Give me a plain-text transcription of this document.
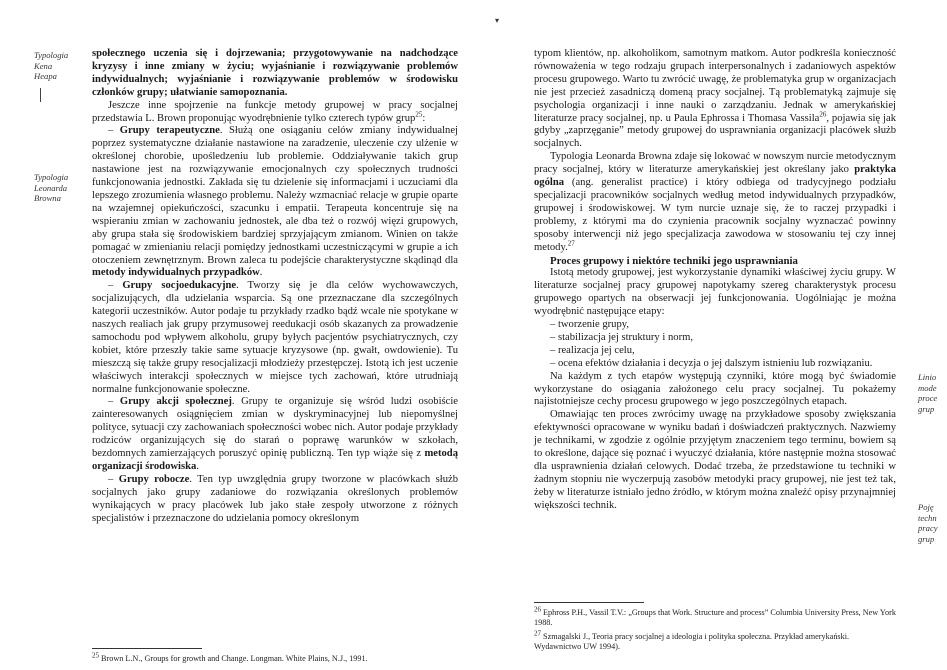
Typologia
Kena
Heapa
Typologia
Leonarda
Browna

społecznego uczenia się i dojrzewania; przygotowywanie na nadchodzące kryzysy i inne zmiany w życiu; wyjaśnianie i rozwiązywanie problemów indywidualnych; wyjaśnianie i rozwiązywanie problemów w środowisku członków grupy; ułatwianie samopoznania.

Jeszcze inne spojrzenie na funkcje metody grupowej w pracy socjalnej przedstawia L. Brown proponując wyodrębnienie tylko czterech typów grup$^{25}$:

– Grupy terapeutyczne. Służą one osiąganiu celów zmiany indywidualnej poprzez systematyczne działanie nastawione na zaradzenie, uleczenie czy ulżenie w określonej chorobie, upośledzeniu lub problemie. Oddziaływanie takich grup nastawione jest na rozwiązywanie emocjonalnych czy społecznych trudności funkcjonowania jednostki. Zakłada się tu dzielenie się informacjami i uczuciami dla lepszego zrozumienia własnego problemu. Należy wzmacniać relacje w grupie oparte na wzajemnej opiekuńczości, szacunku i empatii. Terapeuta koncentruje się na wspieraniu zmian w zachowaniu jednostek, ale dba też o rozwój więzi grupowych, aby grupa stała się środowiskiem bardziej sprzyjającym zmianom. Winien on także pomagać w zmienianiu relacji pomiędzy jednostkami uczestniczącymi w grupie a ich otoczeniem zewnętrznym. Brown zaleca tu podejście charakterystyczne skądinąd dla metody indywidualnych przypadków.

– Grupy socjoedukacyjne. Tworzy się je dla celów wychowawczych, socjalizujących, dla udzielania wsparcia. Są one przeznaczane dla szczególnych kategorii uczestników. Autor podaje tu przykłady rzadko bądź wcale nie spotykane w naszych realiach jak grupy przymusowej reedukacji osób skazanych za prowadzenie samochodu pod wpływem alkoholu, grupy byłych pacjentów psychiatrycznych, czy kobiet, które przeszły takie same sytuacje kryzysowe (np. gwałt, owdowienie). Tu mieszczą się także grupy resocjalizacji młodzieży przestępczej. Istotą ich jest uczenie właściwych interakcji społecznych w miejsce tych zachowań, które utrudniają normalne funkcjonowanie społeczne.

– Grupy akcji społecznej. Grupy te organizuje się wśród ludzi osobiście zainteresowanych osiągnięciem zmian w dyskryminacyjnej lub niepomyślnej polityce, sytuacji czy zachowaniach społeczności wobec nich. Autor podaje przykłady rodziców organizujących się do starań o poprawę warunków w szkołach, bezdomnych zamierzających poruszyć opinię publiczną. Ten typ wiąże się z metodą organizacji środowiska.

– Grupy robocze. Ten typ uwzględnia grupy tworzone w placówkach służb socjalnych jako grupy zadaniowe do rozwiązania określonych problemów wynikających w pracy placówek lub jako stałe zespoły utworzone z różnych specjalistów i przeznaczone do udzielania pomocy określonym

$^{25}$ Brown L.N., Groups for growth and Change. Longman. White Plains, N.J., 1991.
▾

typom klientów, np. alkoholikom, samotnym matkom. Autor podkreśla konieczność równoważenia w tego rodzaju grupach interpersonalnych i zadaniowych aspektów procesu grupowego. Warto tu zwrócić uwagę, że problematyka grup w organizacjach nie jest przecież zasadniczą domeną pracy socjalnej. Tą problematyką zajmuje się psychologia organizacji i inne nauki o zarządzaniu. Jednak w amerykańskiej literaturze pracy socjalnej, np. u Paula Ephrossa i Thomasa Vassila$^{26}$, pojawia się jak gdyby „zaprzęganie” metody grupowej do usprawniania organizacji placówek służb socjalnych.

Typologia Leonarda Browna zdaje się lokować w nowszym nurcie metodycznym pracy socjalnej, który w literaturze amerykańskiej jest określany jako praktyka ogólna (ang. generalist practice) i który odbiega od tradycyjnego podziału specjalizacji pracowników socjalnych według metod indywidualnych przypadków, grupowej i środowiskowej. W tym nurcie uznaje się, że to raczej przypadki i problemy, z którymi ma do czynienia pracownik socjalny wyznaczać powinny sposoby interwencji niż jego specjalizacja zawodowa w stosowaniu tej czy innej metody.$^{27}$

Proces grupowy i niektóre techniki jego usprawniania

Istotą metody grupowej, jest wykorzystanie dynamiki właściwej życiu grupy. W literaturze socjalnej pracy grupowej napotykamy szereg charakterystyk procesu grupowego opartych na obserwacji jej funkcjonowania. Uogólniając je można wyodrębnić następujące etapy:

– tworzenie grupy,

– stabilizacja jej struktury i norm,

– realizacja jej celu,

– ocena efektów działania i decyzja o jej dalszym istnieniu lub rozwiązaniu.

Na każdym z tych etapów występują czynniki, które mogą być świadomie wykorzystane do osiągania założonego celu pracy socjalnej. Tu pokażemy najistotniejsze cechy procesu grupowego w jego poszczególnych etapach.

Omawiając ten proces zwrócimy uwagę na przykładowe sposoby zwiększania efektywności opracowane w wyniku badań i doświadczeń praktycznych. Nazwiemy je technikami, w zgodzie z ogólnie przyjętym znaczeniem tego terminu, bowiem są to określone, dające się poznać i wyuczyć działania, które następnie można stosować dla usprawnienia działań celowych. Dodać trzeba, że przedstawione tu techniki w żadnym stopniu nie wyczerpują zasobów metodyki pracy grupowej, nie jest też tak, żeby w literaturze istniało jedno źródło, w którym można znaleźć opisy przynajmniej większości technik.

Linio
mode
proce
grup
Poję
techn
pracy
grup
$^{26}$ Ephross P.H., Vassil T.V.: „Groups that Work. Structure and process” Columbia University Press, New York 1988.
$^{27}$ Szmagalski J., Teoria pracy socjalnej a ideologia i polityka społeczna. Przykład amerykański. Wydawnictwo UW 1994).
